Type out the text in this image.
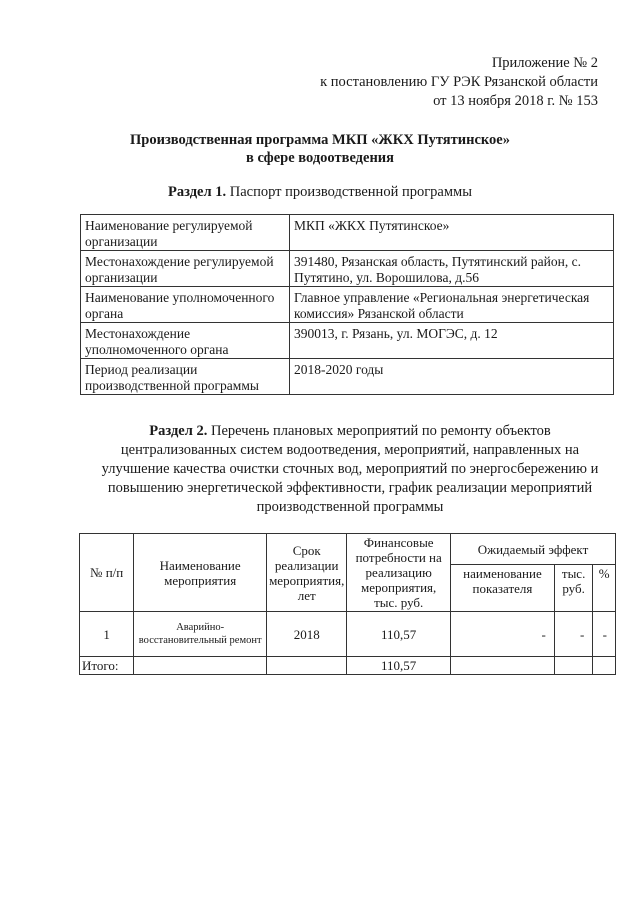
Приложение № 2
к постановлению ГУ РЭК Рязанской области
от 13 ноября 2018 г. № 153
Производственная программа МКП «ЖКХ Путятинское»
в сфере водоотведения
Раздел 1. Паспорт производственной программы
Наименование регулируемой организации	МКП «ЖКХ Путятинское»
Местонахождение регулируемой организации	391480, Рязанская область, Путятинский район, с. Путятино, ул. Ворошилова, д.56
Наименование уполномоченного органа	Главное управление «Региональная энергетическая комиссия» Рязанской области
Местонахождение уполномоченного органа	390013, г. Рязань, ул. МОГЭС, д. 12
Период реализации производственной программы	2018-2020 годы
Раздел 2. Перечень плановых мероприятий по ремонту объектов централизованных систем водоотведения, мероприятий, направленных на улучшение качества очистки сточных вод, мероприятий по энергосбережению и повышению энергетической эффективности, график реализации мероприятий производственной программы
№ п/п	Наименование мероприятия	Срок реализации мероприятия, лет	Финансовые потребности на реализацию мероприятия, тыс. руб.	Ожидаемый эффект		
				наименование показателя	тыс. руб.	%
1	Аварийно-восстановительный ремонт	2018	110,57	-	-	-
Итого:			110,57			
